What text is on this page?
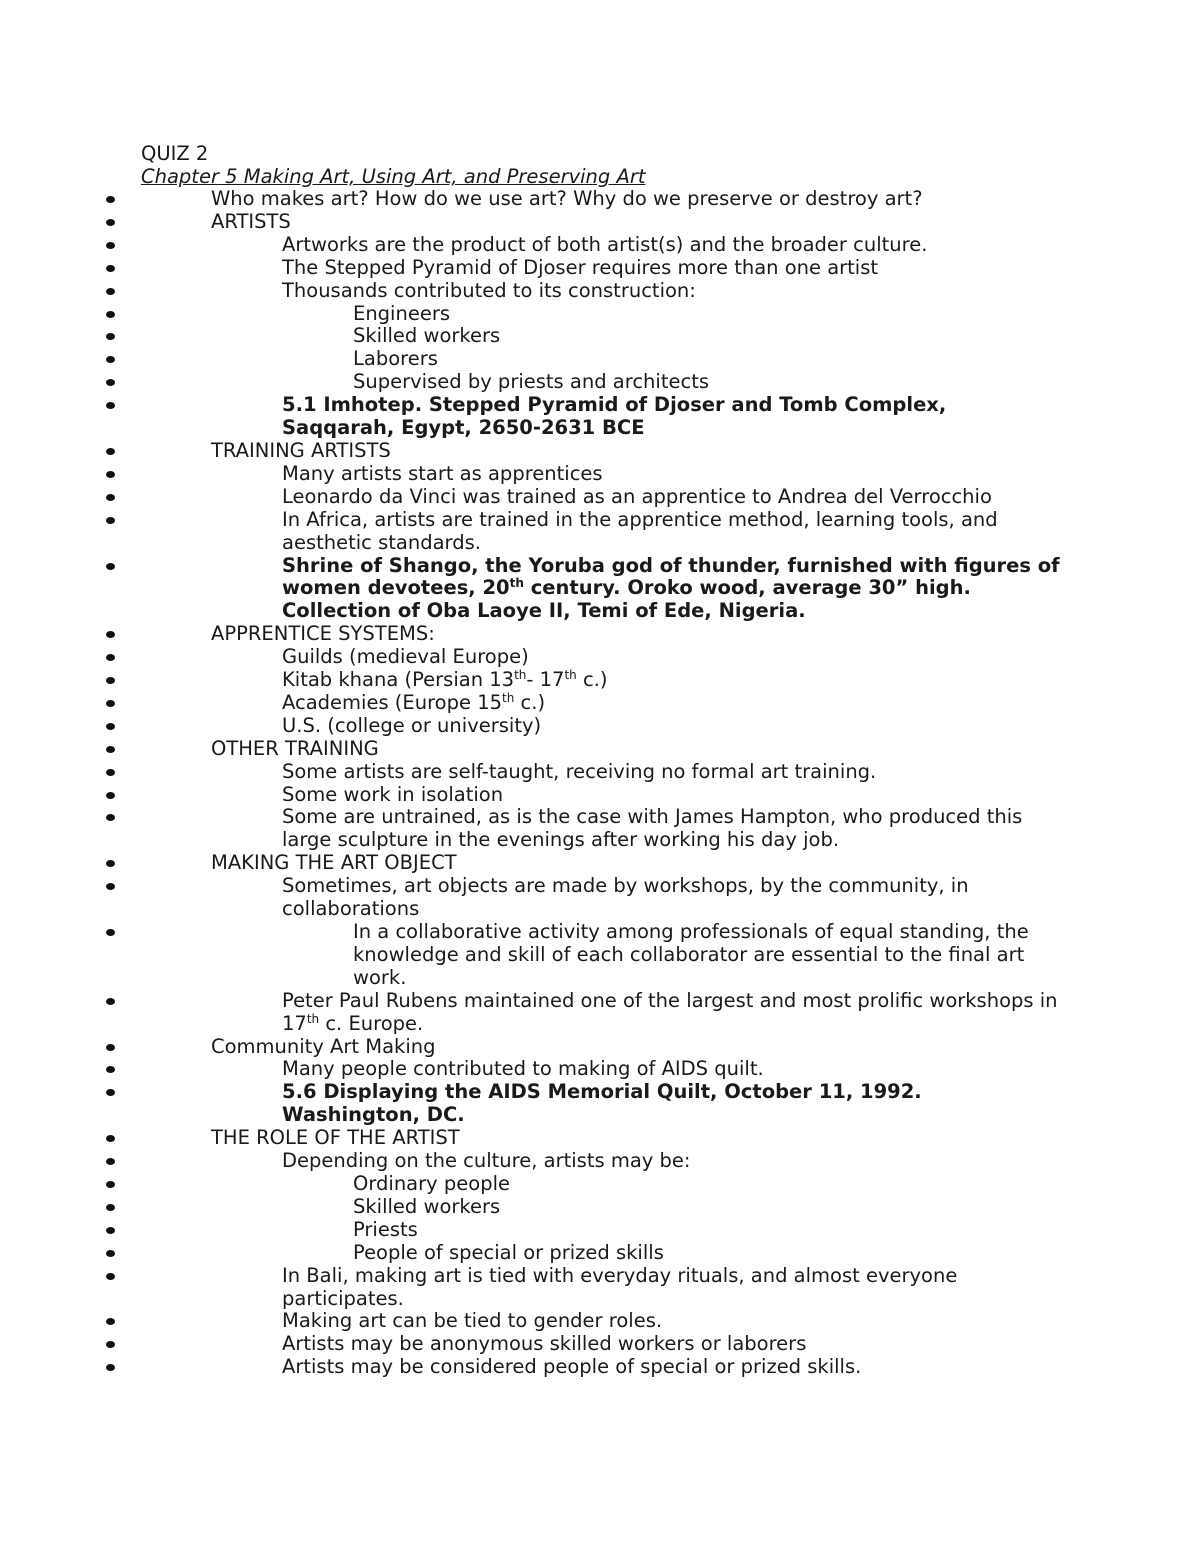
QUIZ 2
Chapter 5 Making Art, Using Art, and Preserving Art
Who makes art? How do we use art? Why do we preserve or destroy art?
ARTISTS
Artworks are the product of both artist(s) and the broader culture.
The Stepped Pyramid of Djoser requires more than one artist
Thousands contributed to its construction:
Engineers
Skilled workers
Laborers
Supervised by priests and architects
5.1 Imhotep. Stepped Pyramid of Djoser and Tomb Complex, Saqqarah, Egypt, 2650-2631 BCE
TRAINING ARTISTS
Many artists start as apprentices
Leonardo da Vinci was trained as an apprentice to Andrea del Verrocchio
In Africa, artists are trained in the apprentice method, learning tools, and aesthetic standards.
Shrine of Shango, the Yoruba god of thunder, furnished with figures of women devotees, 20th century. Oroko wood, average 30” high. Collection of Oba Laoye II, Temi of Ede, Nigeria.
APPRENTICE SYSTEMS:
Guilds (medieval Europe)
Kitab khana (Persian 13th- 17th c.)
Academies (Europe 15th c.)
U.S. (college or university)
OTHER TRAINING
Some artists are self-taught, receiving no formal art training.
Some work in isolation
Some are untrained, as is the case with James Hampton, who produced this large sculpture in the evenings after working his day job.
MAKING THE ART OBJECT
Sometimes, art objects are made by workshops, by the community, in collaborations
In a collaborative activity among professionals of equal standing, the knowledge and skill of each collaborator are essential to the final art work.
Peter Paul Rubens maintained one of the largest and most prolific workshops in 17th c. Europe.
Community Art Making
Many people contributed to making of AIDS quilt.
5.6 Displaying the AIDS Memorial Quilt, October 11, 1992. Washington, DC.
THE ROLE OF THE ARTIST
Depending on the culture, artists may be:
Ordinary people
Skilled workers
Priests
People of special or prized skills
In Bali, making art is tied with everyday rituals, and almost everyone participates.
Making art can be tied to gender roles.
Artists may be anonymous skilled workers or laborers
Artists may be considered people of special or prized skills.
